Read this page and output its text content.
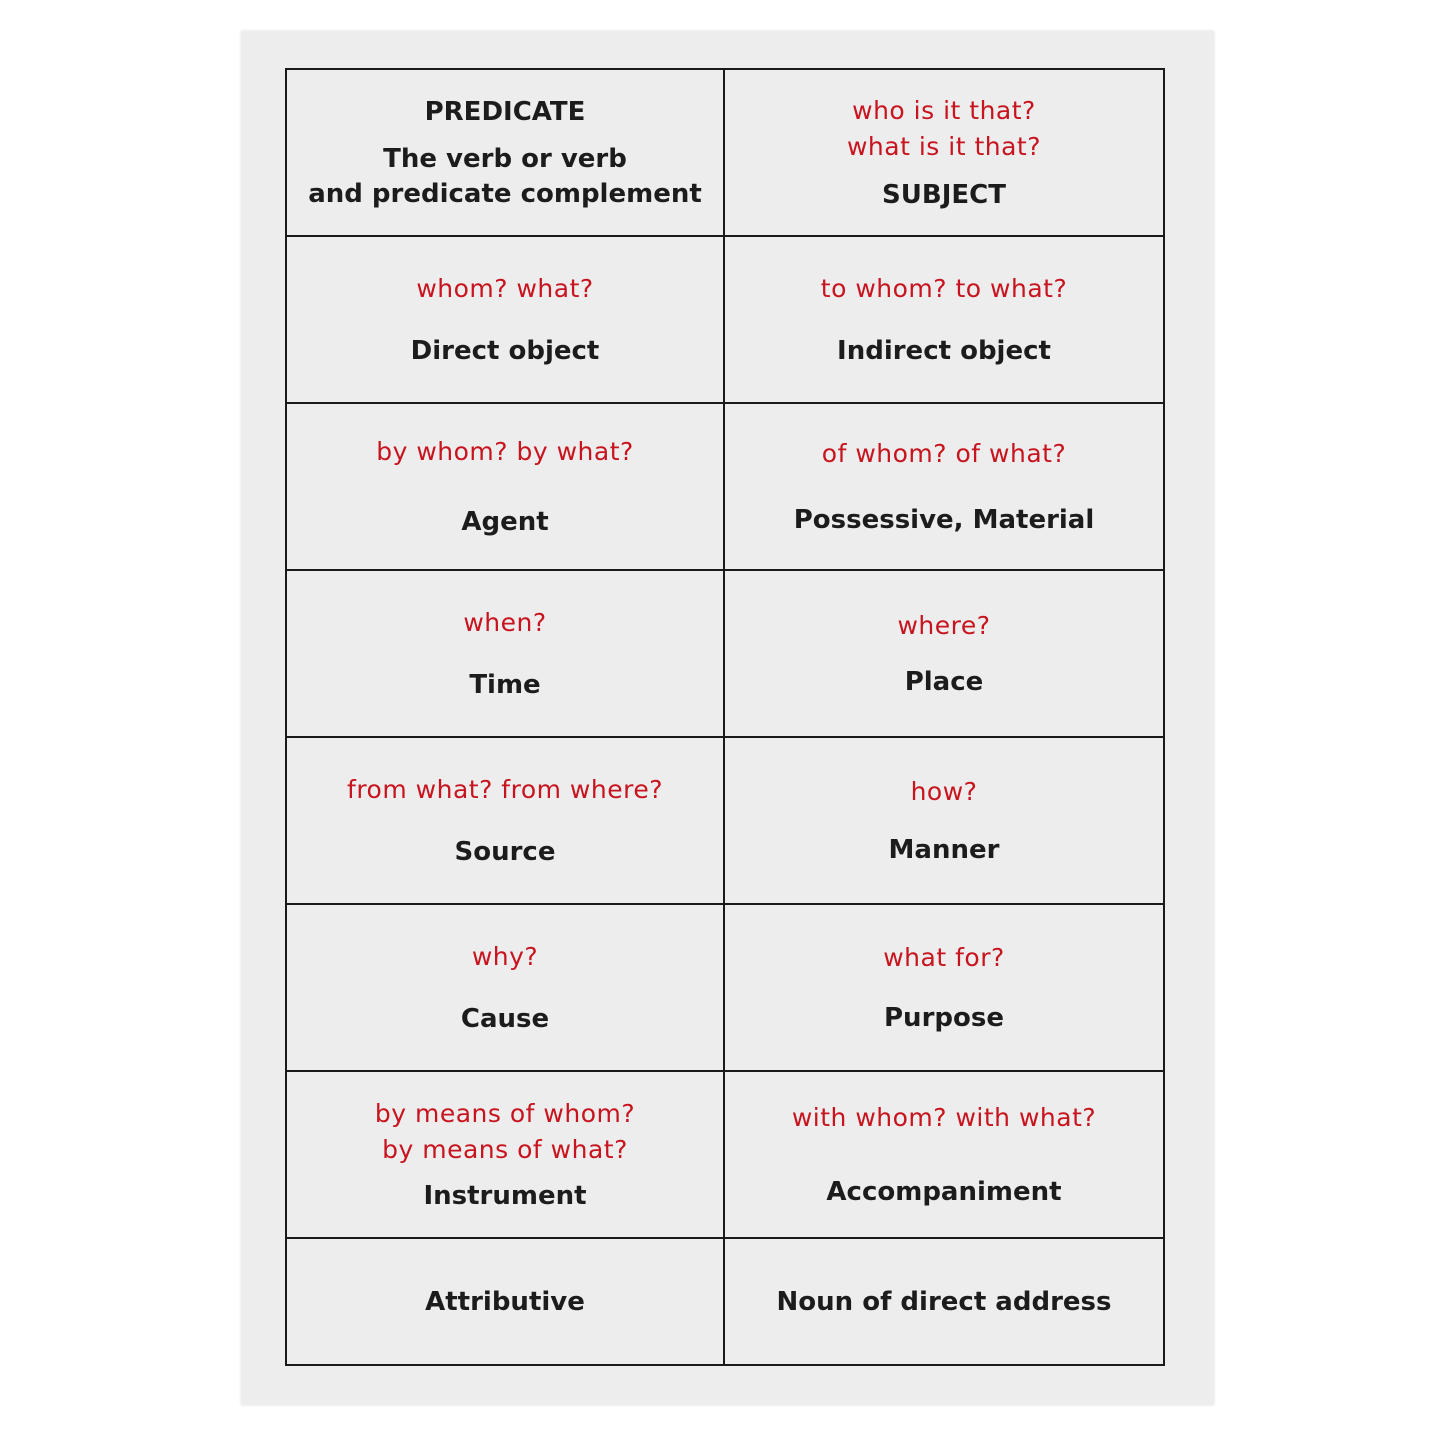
PREDICATE
The verb or verb
and predicate complement
who is it that?
what is it that?
SUBJECT
whom? what?
Direct object
to whom? to what?
Indirect object
by whom? by what?
Agent
of whom? of what?
Possessive, Material
when?
Time
where?
Place
from what? from where?
Source
how?
Manner
why?
Cause
what for?
Purpose
by means of whom?
by means of what?
Instrument
with whom? with what?
Accompaniment
Attributive	Noun of direct address
